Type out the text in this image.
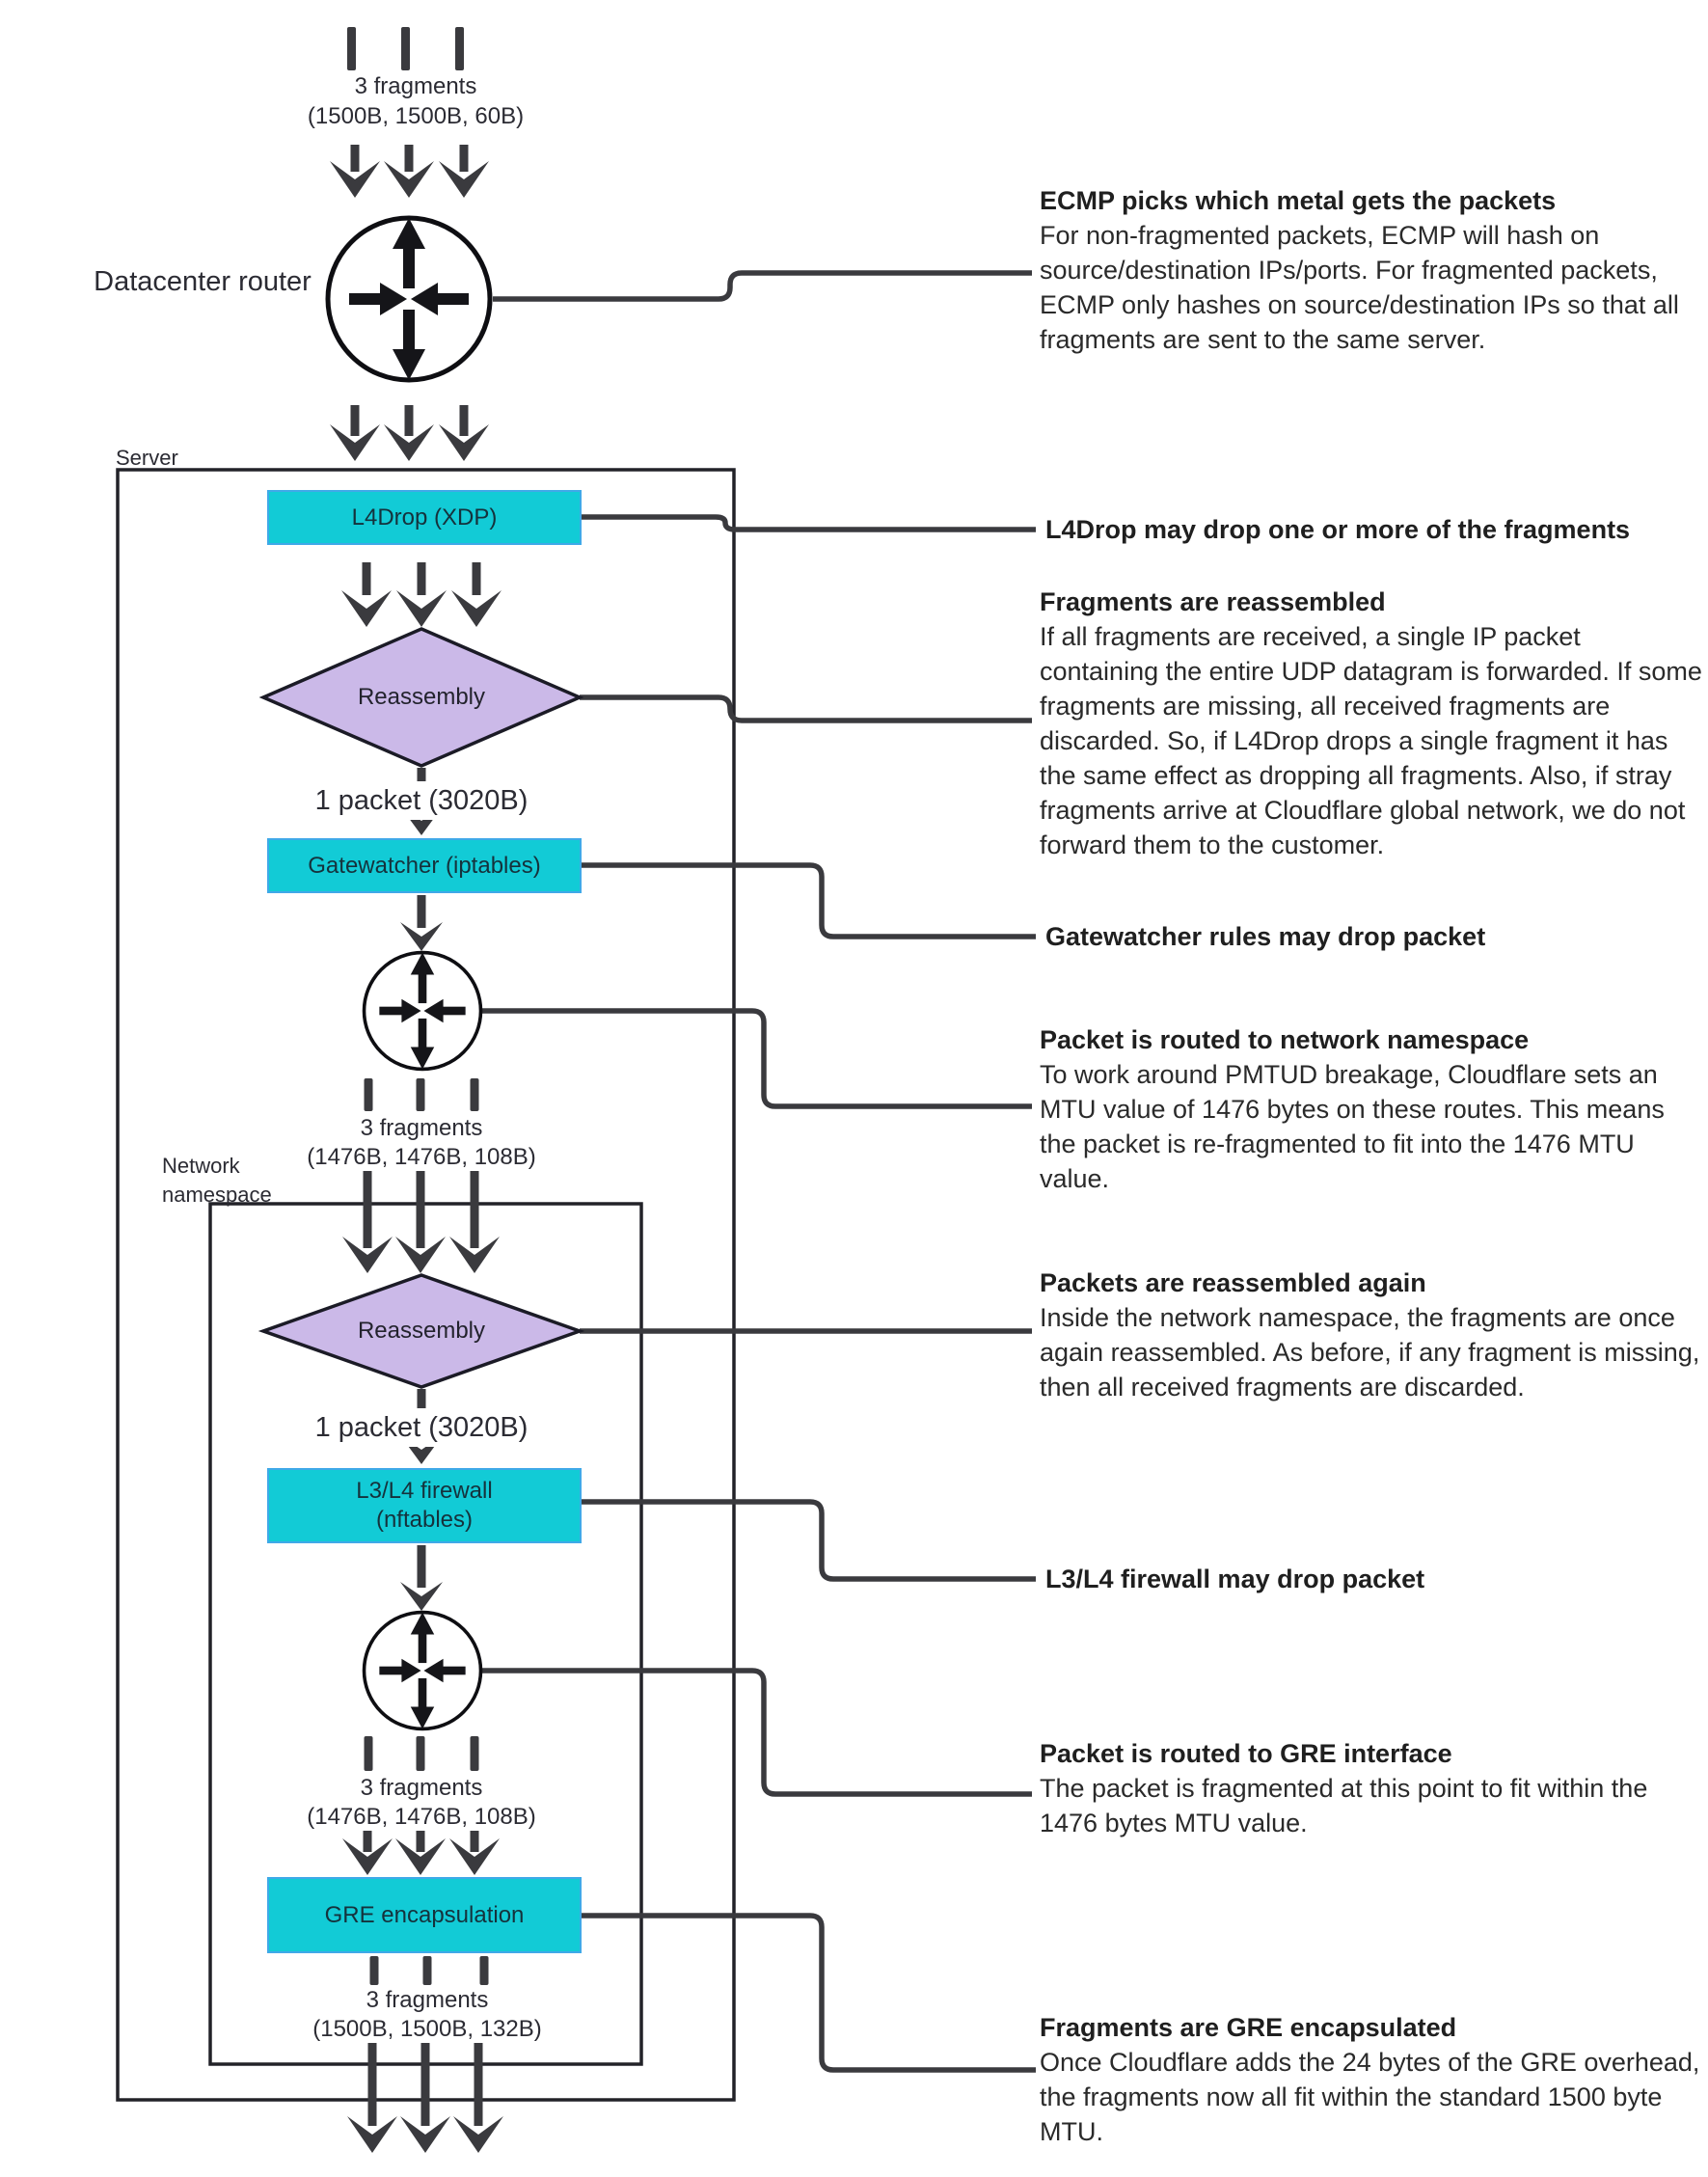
L4Drop (XDP)
Gatewatcher (iptables)
L3/L4 firewall
(nftables)
GRE encapsulation
Reassembly
Reassembly
3 fragments
(1500B, 1500B, 60B)
Datacenter router
Server
1 packet (3020B)
3 fragments
(1476B, 1476B, 108B)
Network namespace
1 packet (3020B)
3 fragments
(1476B, 1476B, 108B)
3 fragments
(1500B, 1500B, 132B)
ECMP picks which metal gets the packets

For non-fragmented packets, ECMP will hash on source/destination IPs/ports. For fragmented packets, ECMP only hashes on source/destination IPs so that all fragments are sent to the same server.

L4Drop may drop one or more of the fragments
Fragments are reassembled

If all fragments are received, a single IP packet containing the entire UDP datagram is forwarded. If some fragments are missing, all received fragments are discarded. So, if L4Drop drops a single fragment it has the same effect as dropping all fragments. Also, if stray fragments arrive at Cloudflare global network, we do not forward them to the customer.

Gatewatcher rules may drop packet
Packet is routed to network namespace

To work around PMTUD breakage, Cloudflare sets an MTU value of 1476 bytes on these routes. This means the packet is re-fragmented to fit into the 1476 MTU value.

Packets are reassembled again

Inside the network namespace, the fragments are once again reassembled. As before, if any fragment is missing, then all received fragments are discarded.

L3/L4 firewall may drop packet
Packet is routed to GRE interface

The packet is fragmented at this point to fit within the 1476 bytes MTU value.

Fragments are GRE encapsulated

Once Cloudflare adds the 24 bytes of the GRE overhead, the fragments now all fit within the standard 1500 byte MTU.
